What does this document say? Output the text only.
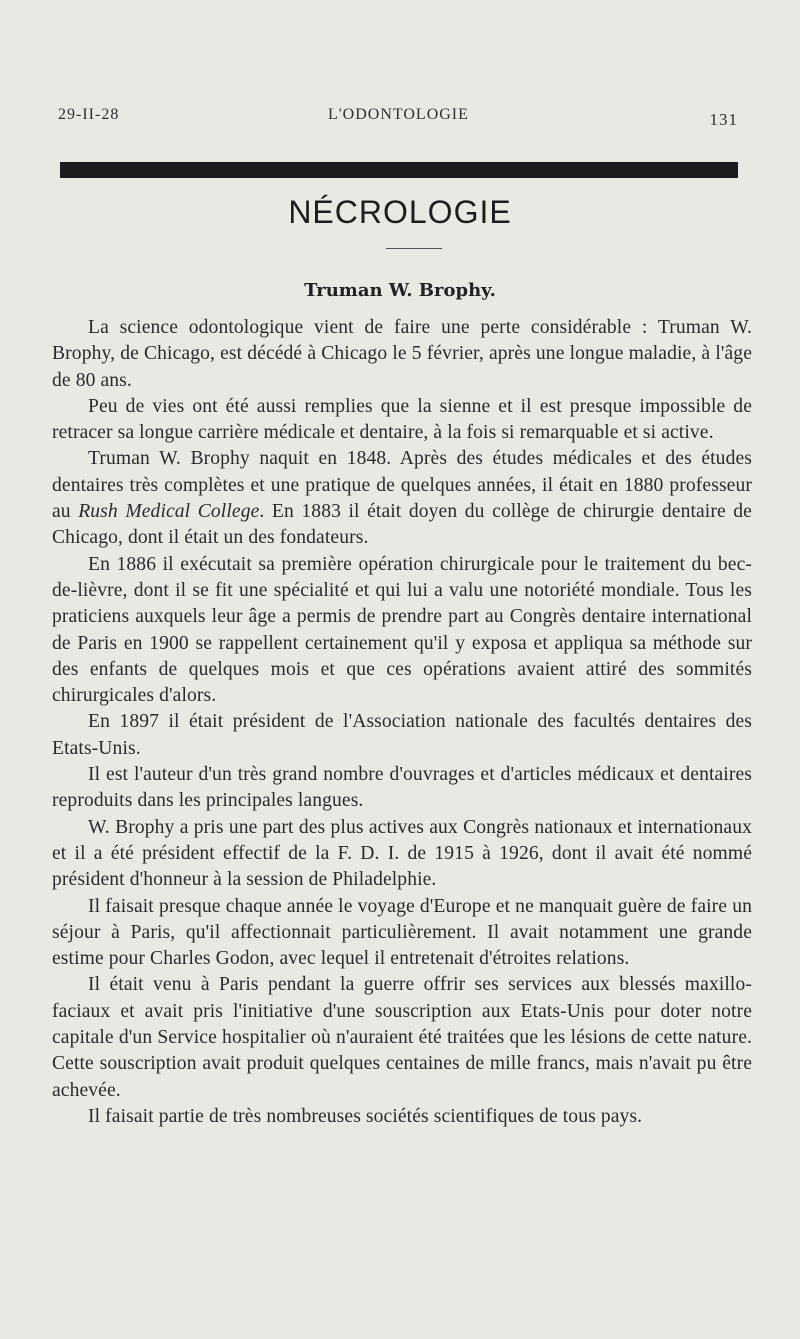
29-II-28	L'ODONTOLOGIE	131
NÉCROLOGIE
Truman W. Brophy.

La science odontologique vient de faire une perte considérable : Truman W. Brophy, de Chicago, est décédé à Chicago le 5 février, après une longue maladie, à l'âge de 80 ans.

Peu de vies ont été aussi remplies que la sienne et il est presque impossible de retracer sa longue carrière médicale et dentaire, à la fois si remarquable et si active.

Truman W. Brophy naquit en 1848. Après des études médicales et des études dentaires très complètes et une pratique de quelques années, il était en 1880 professeur au Rush Medical College. En 1883 il était doyen du collège de chirurgie dentaire de Chicago, dont il était un des fondateurs.

En 1886 il exécutait sa première opération chirurgicale pour le traitement du bec-de-lièvre, dont il se fit une spécialité et qui lui a valu une notoriété mondiale. Tous les praticiens auxquels leur âge a permis de prendre part au Congrès dentaire international de Paris en 1900 se rappellent certainement qu'il y exposa et appliqua sa méthode sur des enfants de quelques mois et que ces opérations avaient attiré des sommités chirurgicales d'alors.

En 1897 il était président de l'Association nationale des facultés dentaires des Etats-Unis.

Il est l'auteur d'un très grand nombre d'ouvrages et d'articles médicaux et dentaires reproduits dans les principales langues.

W. Brophy a pris une part des plus actives aux Congrès nationaux et internationaux et il a été président effectif de la F. D. I. de 1915 à 1926, dont il avait été nommé président d'honneur à la session de Philadelphie.

Il faisait presque chaque année le voyage d'Europe et ne manquait guère de faire un séjour à Paris, qu'il affectionnait particulièrement. Il avait notamment une grande estime pour Charles Godon, avec lequel il entretenait d'étroites relations.

Il était venu à Paris pendant la guerre offrir ses services aux blessés maxillo-faciaux et avait pris l'initiative d'une souscription aux Etats-Unis pour doter notre capitale d'un Service hospitalier où n'auraient été traitées que les lésions de cette nature. Cette souscription avait produit quelques centaines de mille francs, mais n'avait pu être achevée.

Il faisait partie de très nombreuses sociétés scientifiques de tous pays.
